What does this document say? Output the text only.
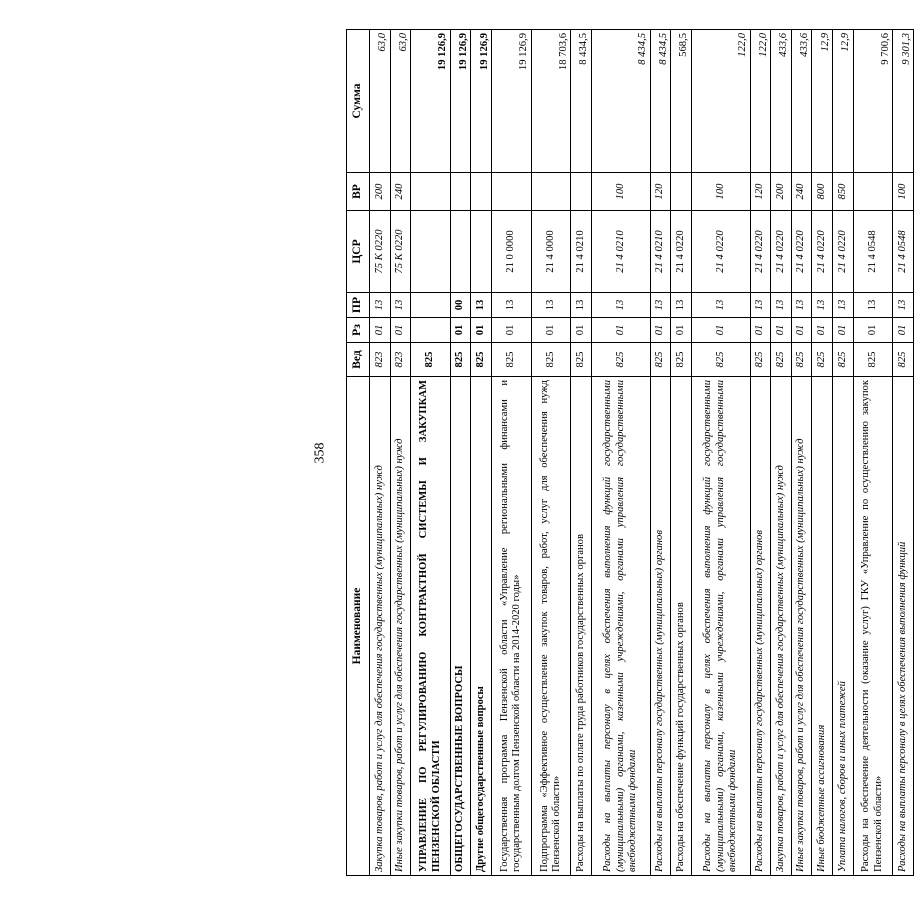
358
Наименование	Вед	Рз	ПР	ЦСР	ВР	Сумма
Закупка товаров, работ и услуг для обеспечения государственных (муниципальных) нужд	823	01	13	75 К 0220	200	63,0
Иные закупки товаров, работ и услуг для обеспечения государственных (муниципальных) нужд	823	01	13	75 К 0220	240	63,0
УПРАВЛЕНИЕ ПО РЕГУЛИРОВАНИЮ КОНТРАКТНОЙ СИСТЕМЫ И ЗАКУПКАМ ПЕНЗЕНСКОЙ ОБЛАСТИ	825					19 126,9
ОБЩЕГОСУДАРСТВЕННЫЕ ВОПРОСЫ	825	01	00			19 126,9
Другие общегосударственные вопросы	825	01	13			19 126,9
Государственная программа Пензенской области «Управление региональными финансами и государственным долгом Пензенской области на 2014-2020 годы»	825	01	13	21 0 0000		19 126,9
Подпрограмма «Эффективное осуществление закупок товаров, работ, услуг для обеспечения нужд Пензенской области»	825	01	13	21 4 0000		18 703,6
Расходы на выплаты по оплате труда работников государственных органов	825	01	13	21 4 0210		8 434,5
Расходы на выплаты персоналу в целях обеспечения выполнения функций государственными (муниципальными) органами, казенными учреждениями, органами управления государственными внебюджетными фондами	825	01	13	21 4 0210	100	8 434,5
Расходы на выплаты персоналу государственных (муниципальных) органов	825	01	13	21 4 0210	120	8 434,5
Расходы на обеспечение функций государственных органов	825	01	13	21 4 0220		568,5
Расходы на выплаты персоналу в целях обеспечения выполнения функций государственными (муниципальными) органами, казенными учреждениями, органами управления государственными внебюджетными фондами	825	01	13	21 4 0220	100	122,0
Расходы на выплаты персоналу государственных (муниципальных) органов	825	01	13	21 4 0220	120	122,0
Закупка товаров, работ и услуг для обеспечения государственных (муниципальных) нужд	825	01	13	21 4 0220	200	433,6
Иные закупки товаров, работ и услуг для обеспечения государственных (муниципальных) нужд	825	01	13	21 4 0220	240	433,6
Иные бюджетные ассигнования	825	01	13	21 4 0220	800	12,9
Уплата налогов, сборов и иных платежей	825	01	13	21 4 0220	850	12,9
Расходы на обеспечение деятельности (оказание услуг) ГКУ «Управление по осуществлению закупок Пензенской области»	825	01	13	21 4 0548		9 700,6
Расходы на выплаты персоналу в целях обеспечения выполнения функций	825	01	13	21 4 0548	100	9 301,3
